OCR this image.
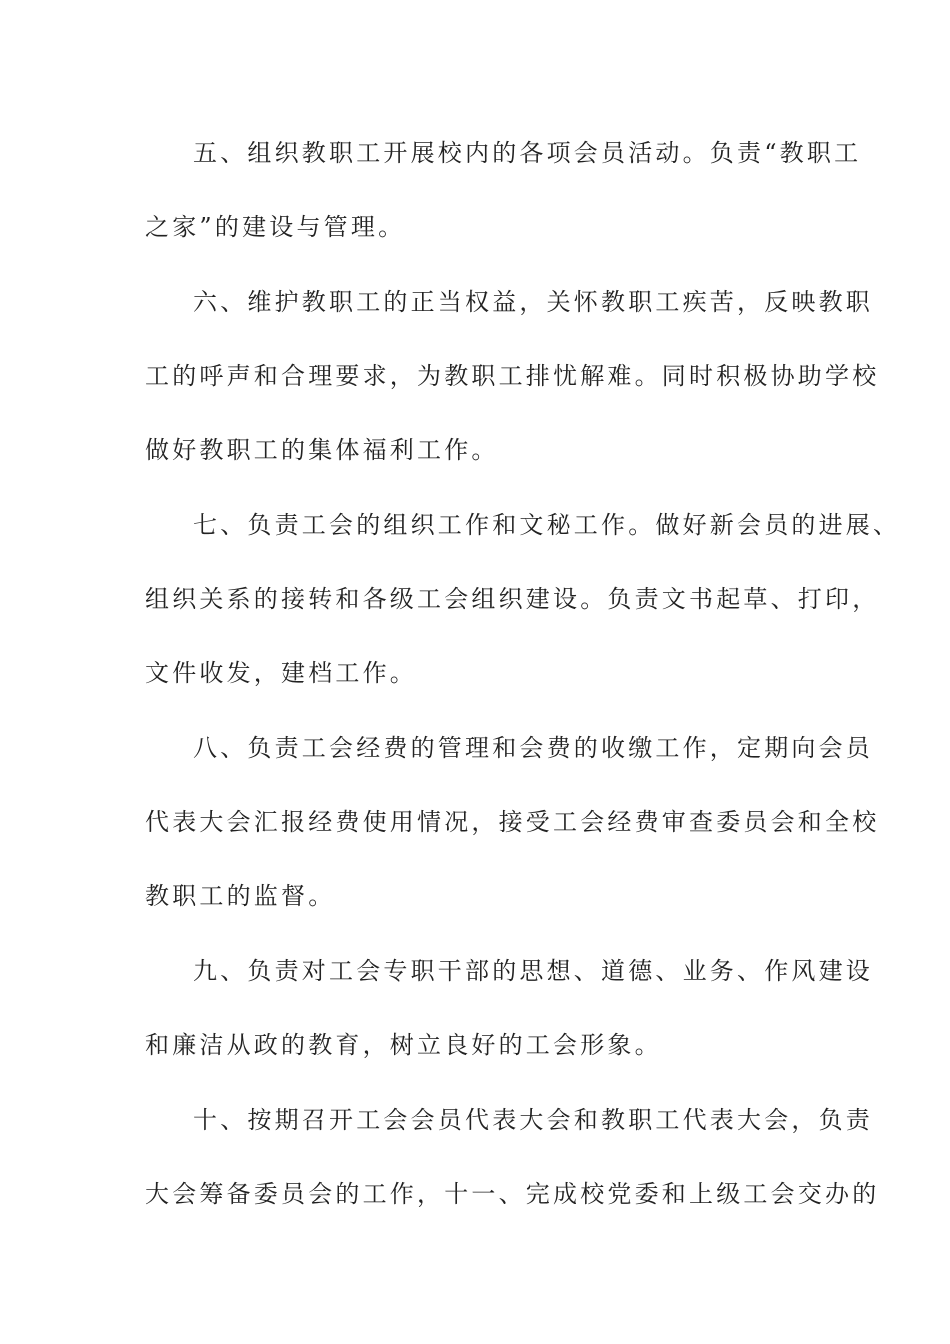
五、组织教职工开展校内的各项会员活动。负责“教职工
之家”的建设与管理。
六、维护教职工的正当权益，关怀教职工疾苦，反映教职
工的呼声和合理要求，为教职工排忧解难。同时积极协助学校
做好教职工的集体福利工作。
七、负责工会的组织工作和文秘工作。做好新会员的进展、
组织关系的接转和各级工会组织建设。负责文书起草、打印，
文件收发，建档工作。
八、负责工会经费的管理和会费的收缴工作，定期向会员
代表大会汇报经费使用情况，接受工会经费审查委员会和全校
教职工的监督。
九、负责对工会专职干部的思想、道德、业务、作风建设
和廉洁从政的教育，树立良好的工会形象。
十、按期召开工会会员代表大会和教职工代表大会，负责
大会筹备委员会的工作，十一、完成校党委和上级工会交办的
